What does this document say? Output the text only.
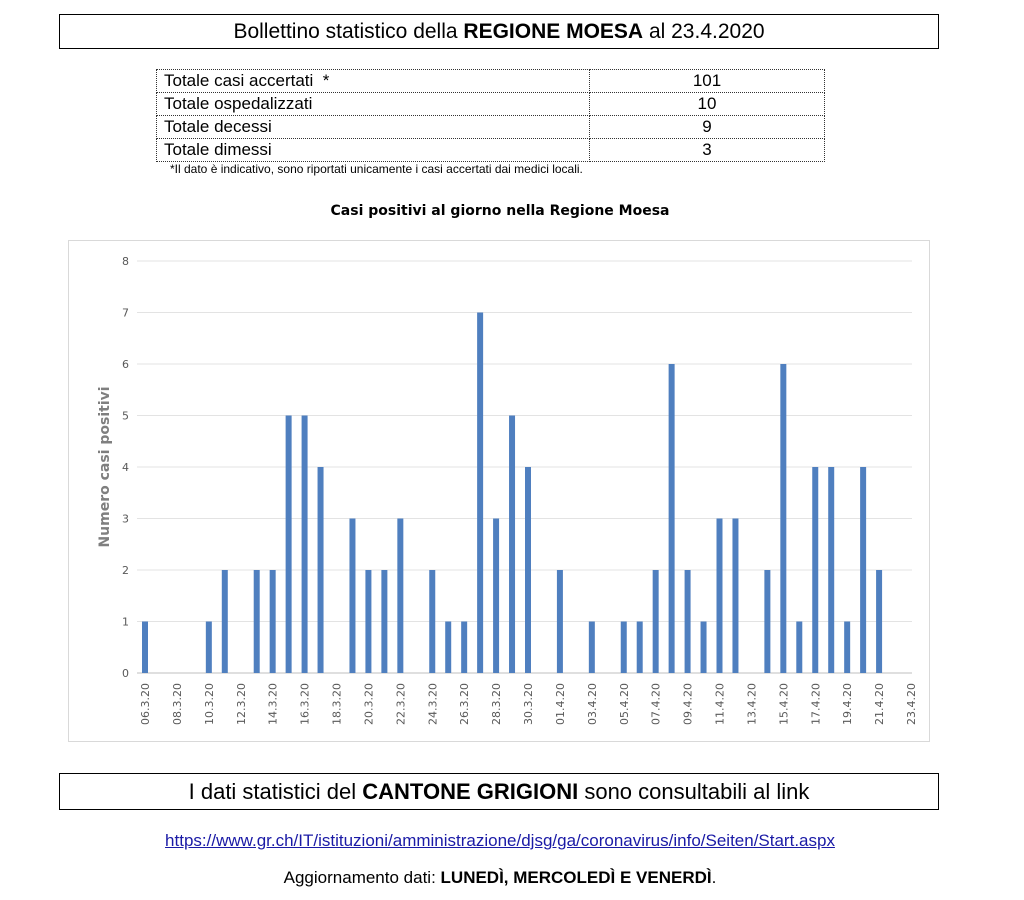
Bollettino statistico della REGIONE MOESA al 23.4.2020
Totale casi accertati  *	101
Totale ospedalizzati	10
Totale decessi	9
Totale dimessi	3
*Il dato è indicativo, sono riportati unicamente i casi accertati dai medici locali.
Casi positivi al giorno nella Regione Moesa
0
1
2
3
4
5
6
7
8
06.3.20 08.3.20 10.3.20 12.3.20 14.3.20 16.3.20 18.3.20 20.3.20 22.3.20 24.3.20 26.3.20 28.3.20 30.3.20 01.4.20 03.4.20 05.4.20 07.4.20 09.4.20 11.4.20 13.4.20 15.4.20 17.4.20 19.4.20 21.4.20 23.4.20
Numero casi positivi
I dati statistici del CANTONE GRIGIONI sono consultabili al link
https://www.gr.ch/IT/istituzioni/amministrazione/djsg/ga/coronavirus/info/Seiten/Start.aspx
Aggiornamento dati: LUNEDÌ, MERCOLEDÌ E VENERDÌ.
